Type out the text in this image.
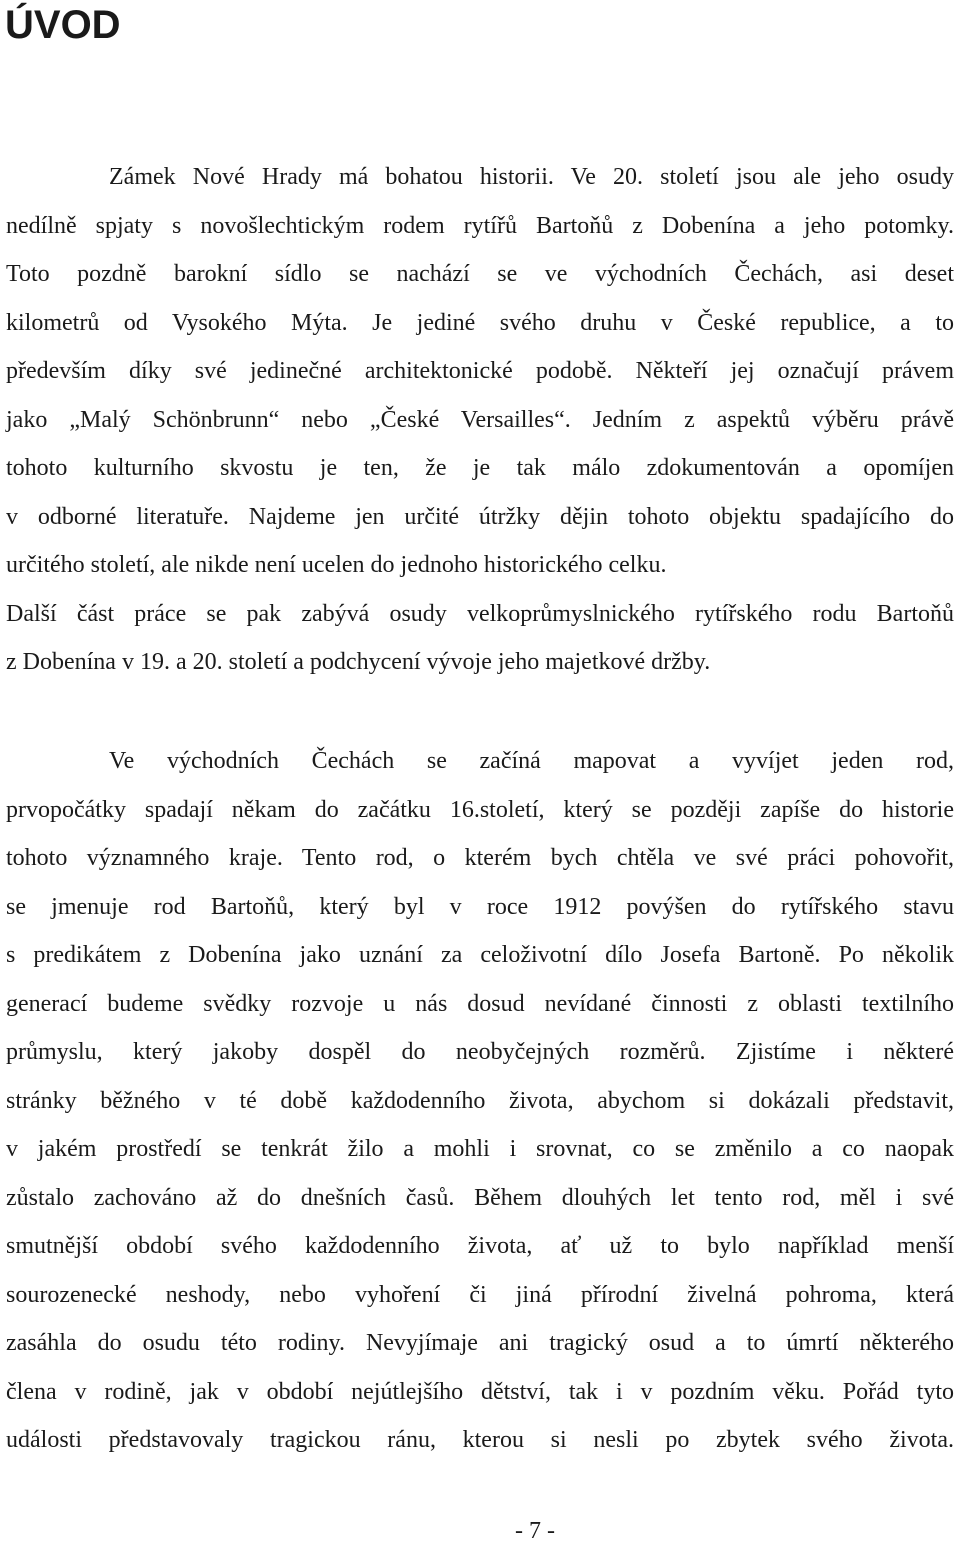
ÚVOD

Zámek Nové Hrady má bohatou historii. Ve 20. století jsou ale jeho osudy
nedílně spjaty s novošlechtickým rodem rytířů Bartoňů z Dobenína a jeho potomky.
Toto pozdně barokní sídlo se nachází se ve východních Čechách, asi deset
kilometrů od Vysokého Mýta. Je jediné svého druhu v České republice, a to
především díky své jedinečné architektonické podobě. Někteří jej označují právem
jako „Malý Schönbrunn“ nebo „České Versailles“. Jedním z aspektů výběru právě
tohoto kulturního skvostu je ten, že je tak málo zdokumentován a opomíjen
v odborné literatuře. Najdeme jen určité útržky dějin tohoto objektu spadajícího do
určitého století, ale nikde není ucelen do jednoho historického celku.
Další část práce se pak zabývá osudy velkoprůmyslnického rytířského rodu Bartoňů
z Dobenína v 19. a 20. století a podchycení vývoje jeho majetkové držby.

Ve východních Čechách se začíná mapovat a vyvíjet jeden rod,
prvopočátky spadají někam do začátku 16.století, který se později zapíše do historie
tohoto významného kraje. Tento rod, o kterém bych chtěla ve své práci pohovořit,
se jmenuje rod Bartoňů, který byl v roce 1912 povýšen do rytířského stavu
s predikátem z Dobenína jako uznání za celoživotní dílo Josefa Bartoně. Po několik
generací budeme svědky rozvoje u nás dosud nevídané činnosti z oblasti textilního
průmyslu, který jakoby dospěl do neobyčejných rozměrů. Zjistíme i některé
stránky běžného v té době každodenního života, abychom si dokázali představit,
v jakém prostředí se tenkrát žilo a mohli i srovnat, co se změnilo a co naopak
zůstalo zachováno až do dnešních časů. Během dlouhých let tento rod, měl i své
smutnější období svého každodenního života, ať už to bylo například menší
sourozenecké neshody, nebo vyhoření či jiná přírodní živelná pohroma, která
zasáhla do osudu této rodiny. Nevyjímaje ani tragický osud a to úmrtí některého
člena v rodině, jak v období nejútlejšího dětství, tak i v pozdním věku. Pořád tyto
události představovaly tragickou ránu, kterou si nesli po zbytek svého života.

- 7 -
